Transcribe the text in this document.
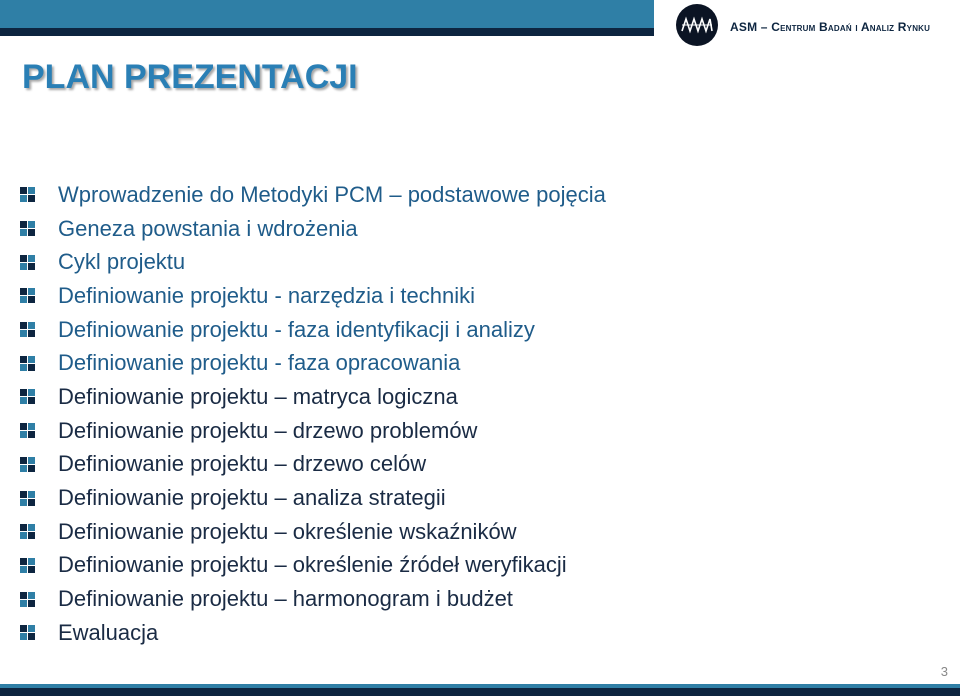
ASM – Centrum Badań i Analiz Rynku
PLAN PREZENTACJI
Wprowadzenie do Metodyki PCM – podstawowe pojęcia
Geneza powstania i wdrożenia
Cykl projektu
Definiowanie projektu - narzędzia i techniki
Definiowanie projektu - faza identyfikacji i analizy
Definiowanie projektu - faza opracowania
Definiowanie projektu – matryca logiczna
Definiowanie projektu – drzewo problemów
Definiowanie projektu – drzewo celów
Definiowanie projektu – analiza strategii
Definiowanie projektu – określenie wskaźników
Definiowanie projektu – określenie źródeł weryfikacji
Definiowanie projektu – harmonogram i budżet
Ewaluacja
3
